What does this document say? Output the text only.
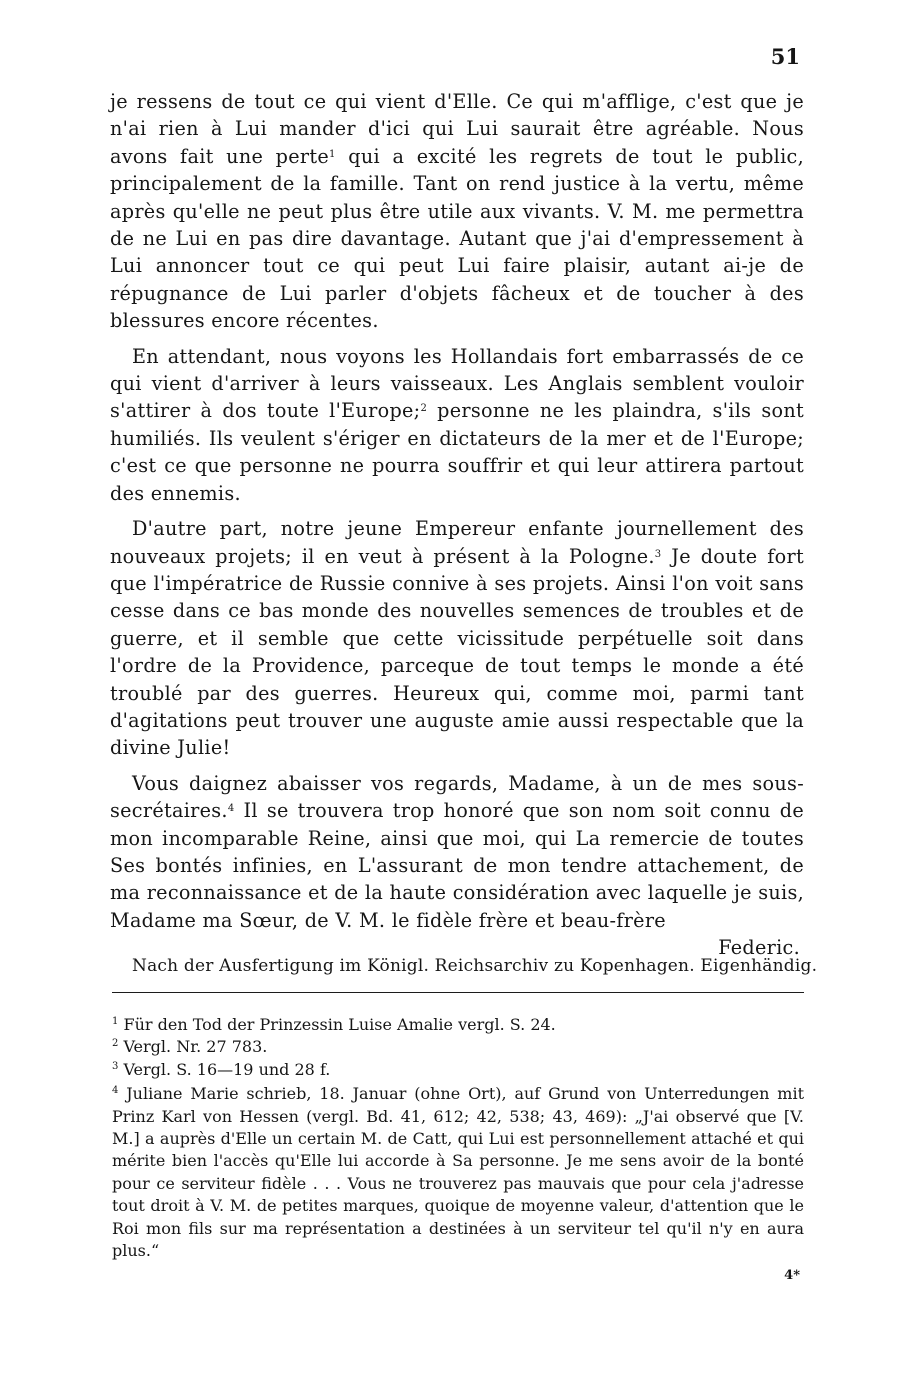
51

je ressens de tout ce qui vient d'Elle. Ce qui m'afflige, c'est que je n'ai rien à Lui mander d'ici qui Lui saurait être agréable. Nous avons fait une perte$^1$ qui a excité les regrets de tout le public, principalement de la famille. Tant on rend justice à la vertu, même après qu'elle ne peut plus être utile aux vivants. V. M. me permettra de ne Lui en pas dire davantage. Autant que j'ai d'empressement à Lui annoncer tout ce qui peut Lui faire plaisir, autant ai-je de répugnance de Lui parler d'objets fâcheux et de toucher à des blessures encore récentes.

En attendant, nous voyons les Hollandais fort embarrassés de ce qui vient d'arriver à leurs vaisseaux. Les Anglais semblent vouloir s'attirer à dos toute l'Europe;$^2$ personne ne les plaindra, s'ils sont humiliés. Ils veulent s'ériger en dictateurs de la mer et de l'Europe; c'est ce que personne ne pourra souffrir et qui leur attirera partout des ennemis.

D'autre part, notre jeune Empereur enfante journellement des nouveaux projets; il en veut à présent à la Pologne.$^3$ Je doute fort que l'impératrice de Russie connive à ses projets. Ainsi l'on voit sans cesse dans ce bas monde des nouvelles semences de troubles et de guerre, et il semble que cette vicissitude perpétuelle soit dans l'ordre de la Providence, parceque de tout temps le monde a été troublé par des guerres. Heureux qui, comme moi, parmi tant d'agitations peut trouver une auguste amie aussi respectable que la divine Julie!

Vous daignez abaisser vos regards, Madame, à un de mes sous-secrétaires.$^4$ Il se trouvera trop honoré que son nom soit connu de mon incomparable Reine, ainsi que moi, qui La remercie de toutes Ses bontés infinies, en L'assurant de mon tendre attachement, de ma reconnaissance et de la haute considération avec laquelle je suis, Madame ma Sœur, de V. M. le fidèle frère et beau-frère

Federic.

Nach der Ausfertigung im Königl. Reichsarchiv zu Kopenhagen. Eigenhändig.

$^1$ Für den Tod der Prinzessin Luise Amalie vergl. S. 24.

$^2$ Vergl. Nr. 27 783.

$^3$ Vergl. S. 16—19 und 28 f.

$^4$ Juliane Marie schrieb, 18. Januar (ohne Ort), auf Grund von Unterredungen mit Prinz Karl von Hessen (vergl. Bd. 41, 612; 42, 538; 43, 469): „J'ai observé que [V. M.] a auprès d'Elle un certain M. de Catt, qui Lui est personnellement attaché et qui mérite bien l'accès qu'Elle lui accorde à Sa personne. Je me sens avoir de la bonté pour ce serviteur fidèle . . . Vous ne trouverez pas mauvais que pour cela j'adresse tout droit à V. M. de petites marques, quoique de moyenne valeur, d'attention que le Roi mon fils sur ma représentation a destinées à un serviteur tel qu'il n'y en aura plus.“

4*
